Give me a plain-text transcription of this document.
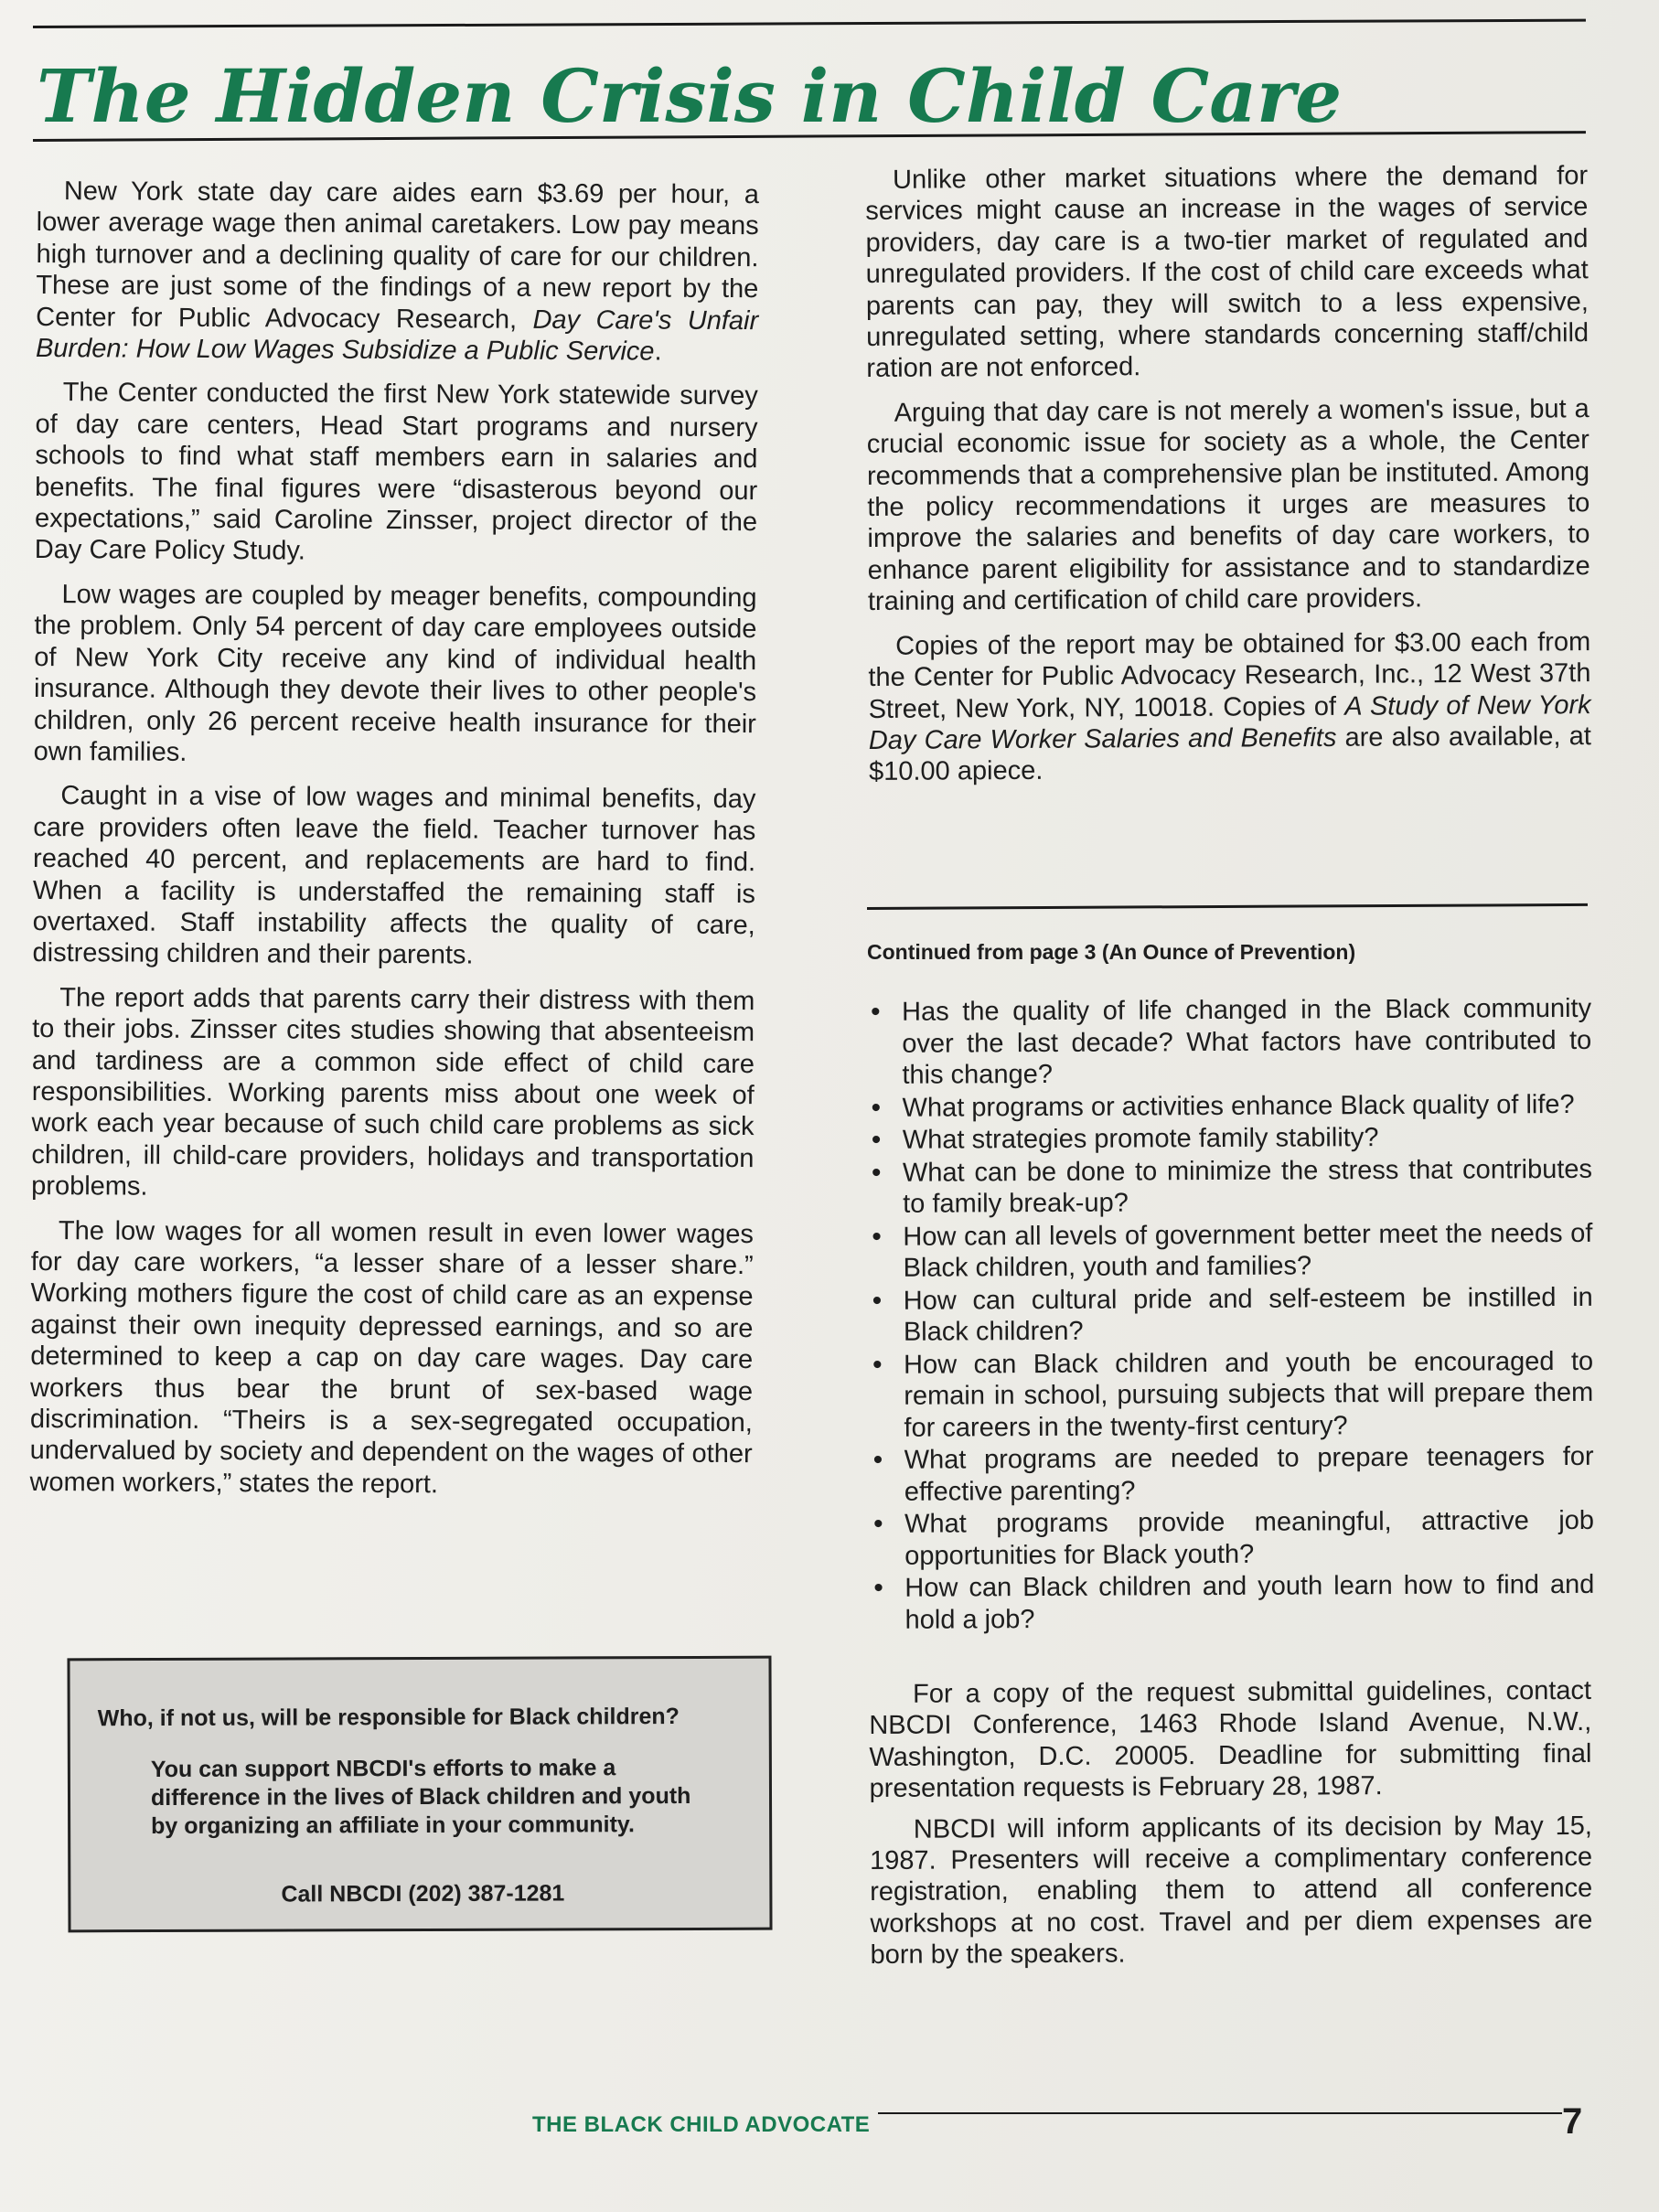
The Hidden Crisis in Child Care

New York state day care aides earn $3.69 per hour, a lower average wage then animal caretakers. Low pay means high turnover and a declining quality of care for our children. These are just some of the findings of a new report by the Center for Public Advocacy Research, Day Care's Unfair Burden: How Low Wages Subsidize a Public Service.

The Center conducted the first New York statewide survey of day care centers, Head Start programs and nursery schools to find what staff members earn in salaries and benefits. The final figures were “disasterous beyond our expectations,” said Caroline Zinsser, project director of the Day Care Policy Study.

Low wages are coupled by meager benefits, compounding the problem. Only 54 percent of day care employees outside of New York City receive any kind of individual health insurance. Although they devote their lives to other people's children, only 26 percent receive health insurance for their own families.

Caught in a vise of low wages and minimal benefits, day care providers often leave the field. Teacher turnover has reached 40 percent, and replacements are hard to find. When a facility is understaffed the remaining staff is overtaxed. Staff instability affects the quality of care, distressing children and their parents.

The report adds that parents carry their distress with them to their jobs. Zinsser cites studies showing that absenteeism and tardiness are a common side effect of child care responsibilities. Working parents miss about one week of work each year because of such child care problems as sick children, ill child-care providers, holidays and transportation problems.

The low wages for all women result in even lower wages for day care workers, “a lesser share of a lesser share.” Working mothers figure the cost of child care as an expense against their own inequity depressed earnings, and so are determined to keep a cap on day care wages. Day care workers thus bear the brunt of sex-based wage discrimination. “Theirs is a sex-segregated occupation, undervalued by society and dependent on the wages of other women workers,” states the report.

Unlike other market situations where the demand for services might cause an increase in the wages of service providers, day care is a two-tier market of regulated and unregulated providers. If the cost of child care exceeds what parents can pay, they will switch to a less expensive, unregulated setting, where standards concerning staff/child ration are not enforced.

Arguing that day care is not merely a women's issue, but a crucial economic issue for society as a whole, the Center recommends that a comprehensive plan be instituted. Among the policy recommendations it urges are measures to improve the salaries and benefits of day care workers, to enhance parent eligibility for assistance and to standardize training and certification of child care providers.

Copies of the report may be obtained for $3.00 each from the Center for Public Advocacy Research, Inc., 12 West 37th Street, New York, NY, 10018. Copies of A Study of New York Day Care Worker Salaries and Benefits are also available, at $10.00 apiece.

Continued from page 3 (An Ounce of Prevention)
• Has the quality of life changed in the Black community over the last decade? What factors have contributed to this change?
• What programs or activities enhance Black quality of life?
• What strategies promote family stability?
• What can be done to minimize the stress that contributes to family break-up?
• How can all levels of government better meet the needs of Black children, youth and families?
• How can cultural pride and self-esteem be instilled in Black children?
• How can Black children and youth be encouraged to remain in school, pursuing subjects that will prepare them for careers in the twenty-first century?
• What programs are needed to prepare teenagers for effective parenting?
• What programs provide meaningful, attractive job opportunities for Black youth?
• How can Black children and youth learn how to find and hold a job?

For a copy of the request submittal guidelines, contact NBCDI Conference, 1463 Rhode Island Avenue, N.W., Washington, D.C. 20005. Deadline for submitting final presentation requests is February 28, 1987.

NBCDI will inform applicants of its decision by May 15, 1987. Presenters will receive a complimentary conference registration, enabling them to attend all conference workshops at no cost. Travel and per diem expenses are born by the speakers.

Who, if not us, will be responsible for Black children?
You can support NBCDI's efforts to make a difference in the lives of Black children and youth by organizing an affiliate in your community.
Call NBCDI (202) 387-1281
THE BLACK CHILD ADVOCATE	7
